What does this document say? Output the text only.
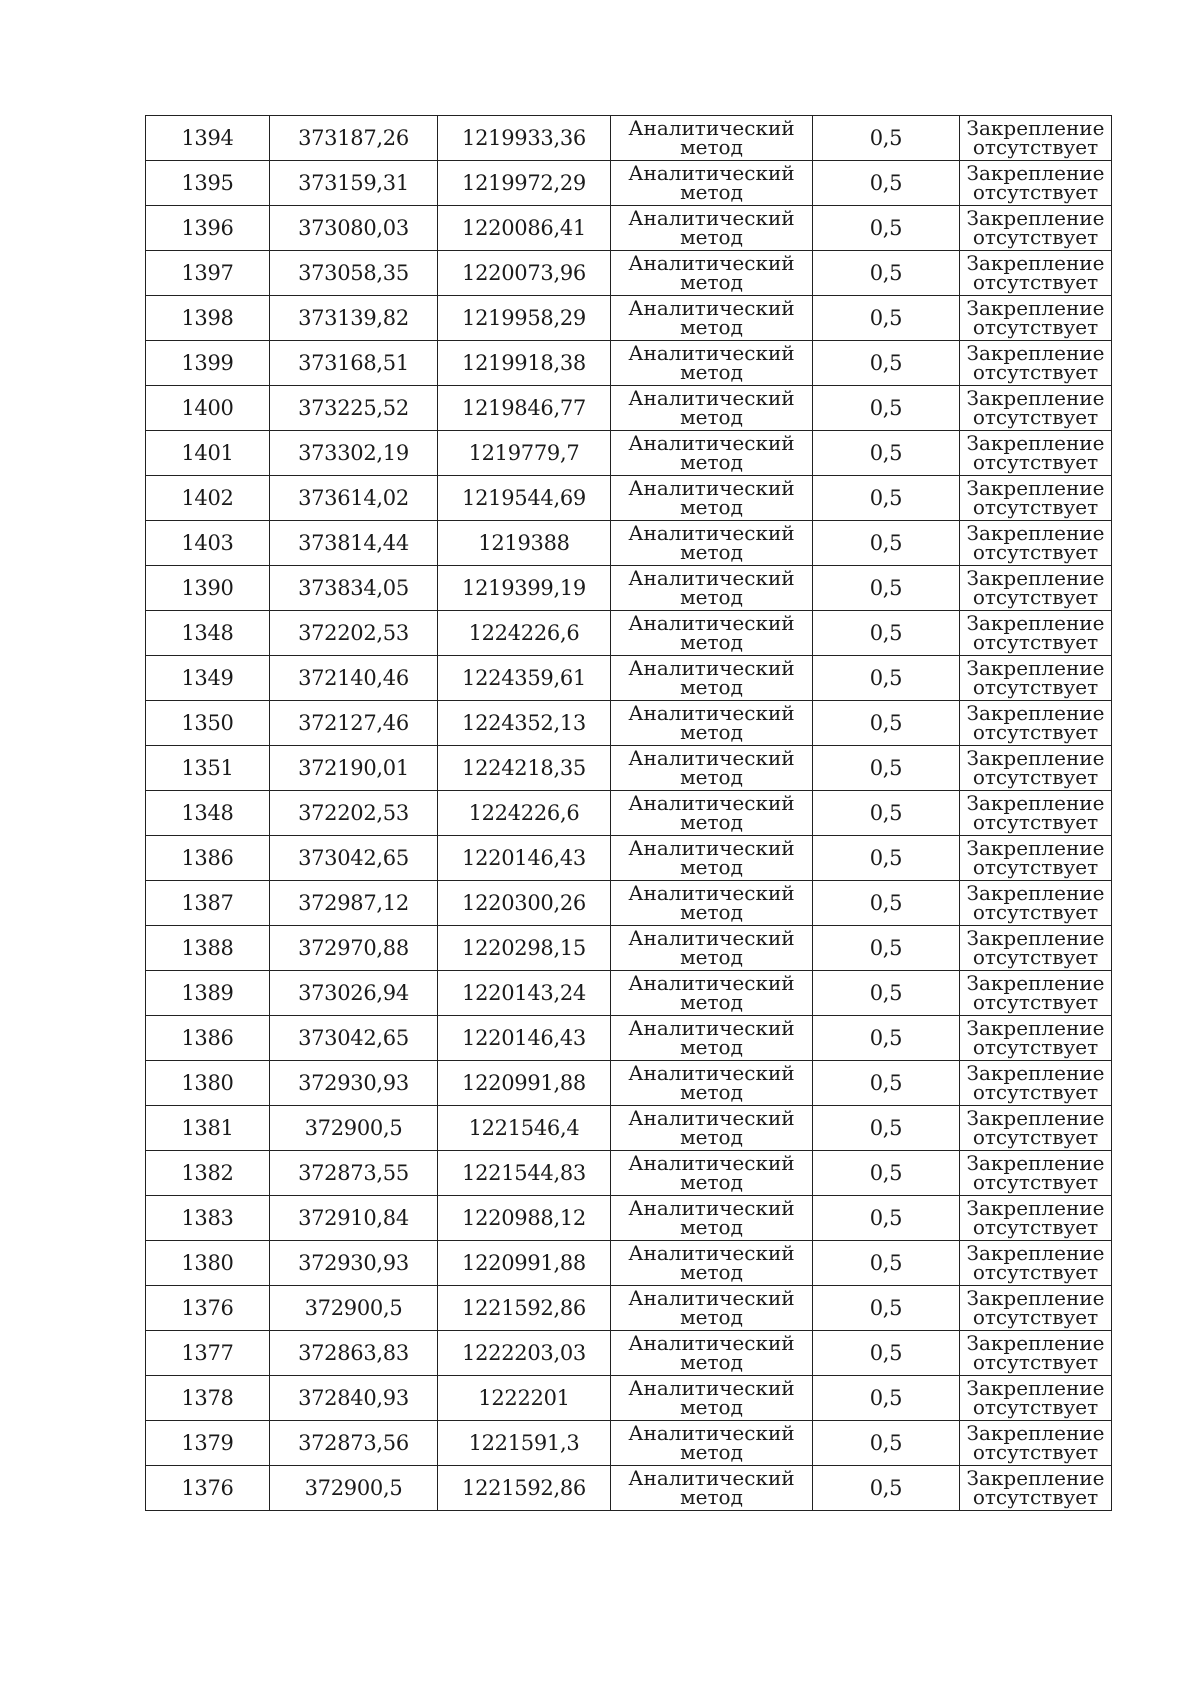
1394	373187,26	1219933,36	Аналитический
метод	0,5	Закрепление
отсутствует

1395	373159,31	1219972,29	Аналитический
метод	0,5	Закрепление
отсутствует

1396	373080,03	1220086,41	Аналитический
метод	0,5	Закрепление
отсутствует

1397	373058,35	1220073,96	Аналитический
метод	0,5	Закрепление
отсутствует

1398	373139,82	1219958,29	Аналитический
метод	0,5	Закрепление
отсутствует

1399	373168,51	1219918,38	Аналитический
метод	0,5	Закрепление
отсутствует

1400	373225,52	1219846,77	Аналитический
метод	0,5	Закрепление
отсутствует

1401	373302,19	1219779,7	Аналитический
метод	0,5	Закрепление
отсутствует

1402	373614,02	1219544,69	Аналитический
метод	0,5	Закрепление
отсутствует

1403	373814,44	1219388	Аналитический
метод	0,5	Закрепление
отсутствует

1390	373834,05	1219399,19	Аналитический
метод	0,5	Закрепление
отсутствует

1348	372202,53	1224226,6	Аналитический
метод	0,5	Закрепление
отсутствует

1349	372140,46	1224359,61	Аналитический
метод	0,5	Закрепление
отсутствует

1350	372127,46	1224352,13	Аналитический
метод	0,5	Закрепление
отсутствует

1351	372190,01	1224218,35	Аналитический
метод	0,5	Закрепление
отсутствует

1348	372202,53	1224226,6	Аналитический
метод	0,5	Закрепление
отсутствует

1386	373042,65	1220146,43	Аналитический
метод	0,5	Закрепление
отсутствует

1387	372987,12	1220300,26	Аналитический
метод	0,5	Закрепление
отсутствует

1388	372970,88	1220298,15	Аналитический
метод	0,5	Закрепление
отсутствует

1389	373026,94	1220143,24	Аналитический
метод	0,5	Закрепление
отсутствует

1386	373042,65	1220146,43	Аналитический
метод	0,5	Закрепление
отсутствует

1380	372930,93	1220991,88	Аналитический
метод	0,5	Закрепление
отсутствует

1381	372900,5	1221546,4	Аналитический
метод	0,5	Закрепление
отсутствует

1382	372873,55	1221544,83	Аналитический
метод	0,5	Закрепление
отсутствует

1383	372910,84	1220988,12	Аналитический
метод	0,5	Закрепление
отсутствует

1380	372930,93	1220991,88	Аналитический
метод	0,5	Закрепление
отсутствует

1376	372900,5	1221592,86	Аналитический
метод	0,5	Закрепление
отсутствует

1377	372863,83	1222203,03	Аналитический
метод	0,5	Закрепление
отсутствует

1378	372840,93	1222201	Аналитический
метод	0,5	Закрепление
отсутствует

1379	372873,56	1221591,3	Аналитический
метод	0,5	Закрепление
отсутствует

1376	372900,5	1221592,86	Аналитический
метод	0,5	Закрепление
отсутствует
